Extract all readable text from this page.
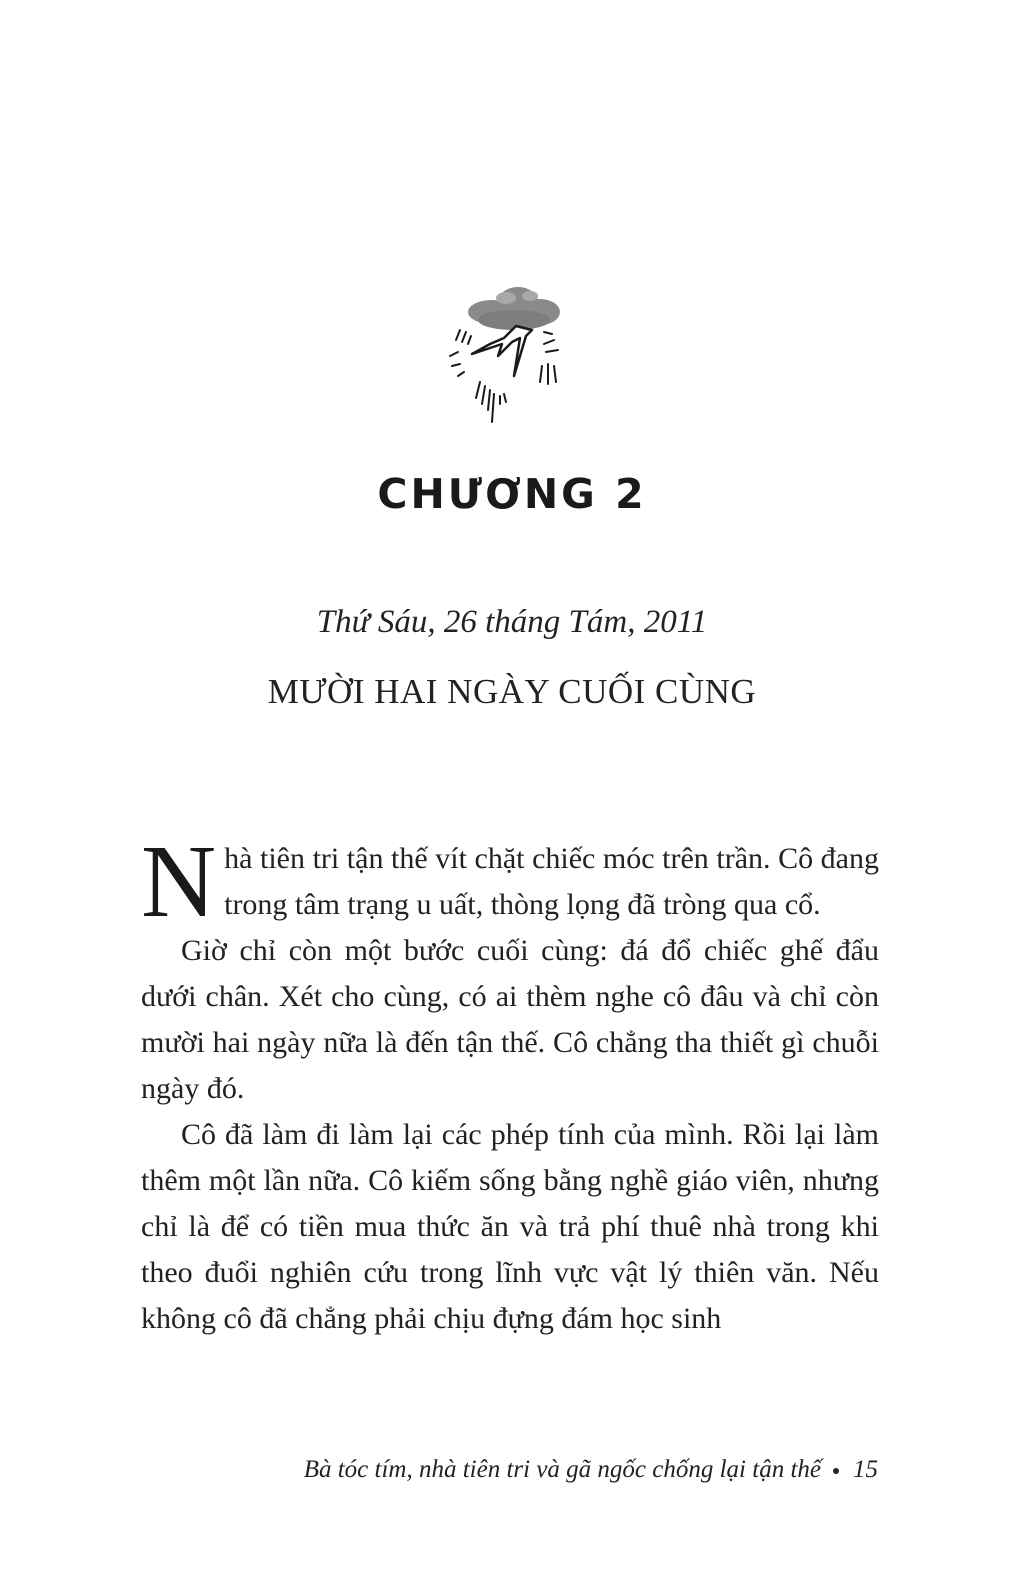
CHƯƠNG 2
Thứ Sáu, 26 tháng Tám, 2011
MƯỜI HAI NGÀY CUỐI CÙNG

Nhà tiên tri tận thế vít chặt chiếc móc trên trần. Cô đang trong tâm trạng u uất, thòng lọng đã tròng qua cổ.

Giờ chỉ còn một bước cuối cùng: đá đổ chiếc ghế đẩu dưới chân. Xét cho cùng, có ai thèm nghe cô đâu và chỉ còn mười hai ngày nữa là đến tận thế. Cô chẳng tha thiết gì chuỗi ngày đó.

Cô đã làm đi làm lại các phép tính của mình. Rồi lại làm thêm một lần nữa. Cô kiếm sống bằng nghề giáo viên, nhưng chỉ là để có tiền mua thức ăn và trả phí thuê nhà trong khi theo đuổi nghiên cứu trong lĩnh vực vật lý thiên văn. Nếu không cô đã chẳng phải chịu đựng đám học sinh

Bà tóc tím, nhà tiên tri và gã ngốc chống lại tận thế 15
